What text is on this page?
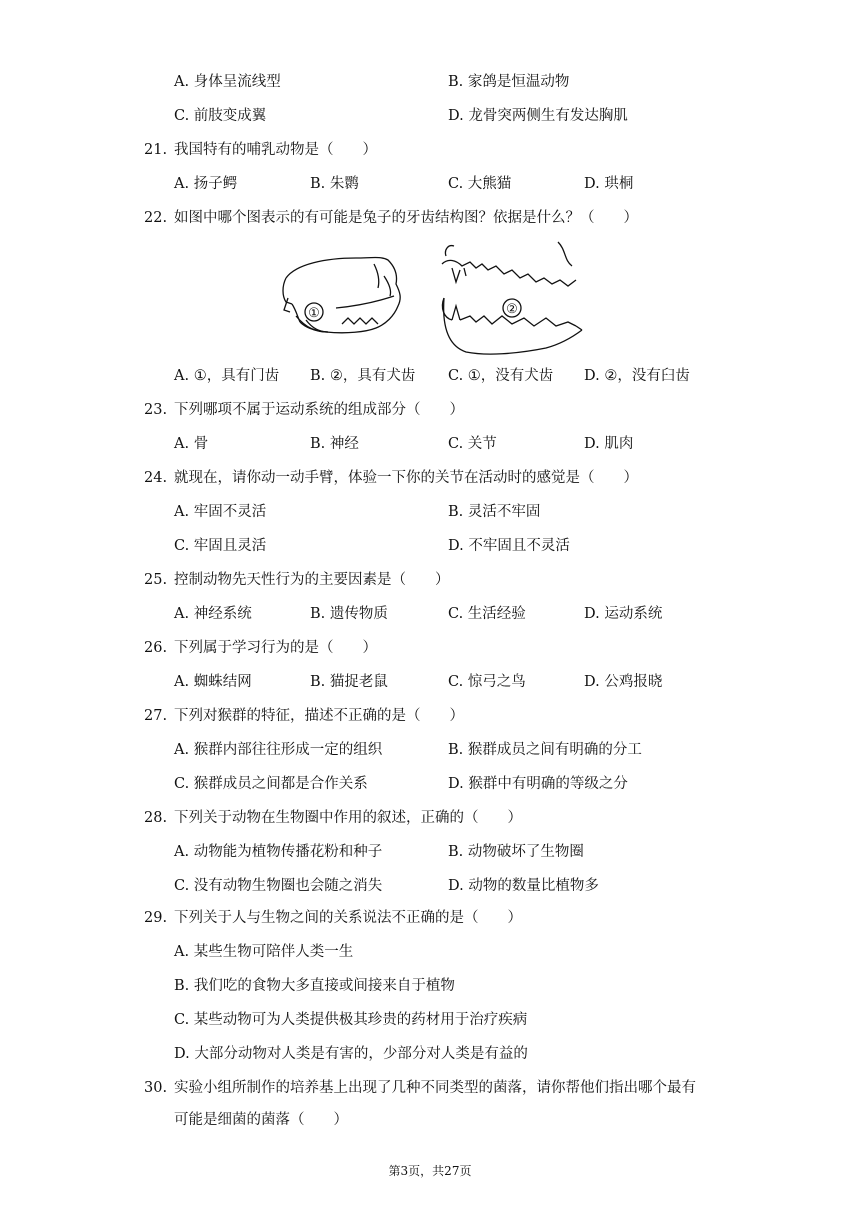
A. 身体呈流线型	B. 家鸽是恒温动物
C. 前肢变成翼	D. 龙骨突两侧生有发达胸肌
21. 我国特有的哺乳动物是（　　）
A. 扬子鳄	B. 朱鹮	C. 大熊猫	D. 珙桐
22. 如图中哪个图表示的有可能是兔子的牙齿结构图？依据是什么？（　　）
①	②
A. ①，具有门齿 B. ②，具有犬齿 C. ①，没有犬齿 D. ②，没有臼齿
23. 下列哪项不属于运动系统的组成部分（　　）
A. 骨	B. 神经	C. 关节	D. 肌肉
24. 就现在，请你动一动手臂，体验一下你的关节在活动时的感觉是（　　）
A. 牢固不灵活	B. 灵活不牢固
C. 牢固且灵活	D. 不牢固且不灵活
25. 控制动物先天性行为的主要因素是（　　）
A. 神经系统	B. 遗传物质	C. 生活经验	D. 运动系统
26. 下列属于学习行为的是（　　）
A. 蜘蛛结网	B. 猫捉老鼠	C. 惊弓之鸟	D. 公鸡报晓
27. 下列对猴群的特征，描述不正确的是（　　）
A. 猴群内部往往形成一定的组织	B. 猴群成员之间有明确的分工
C. 猴群成员之间都是合作关系	D. 猴群中有明确的等级之分
28. 下列关于动物在生物圈中作用的叙述，正确的（　　）
A. 动物能为植物传播花粉和种子	B. 动物破坏了生物圈
C. 没有动物生物圈也会随之消失	D. 动物的数量比植物多
29. 下列关于人与生物之间的关系说法不正确的是（　　）
A. 某些生物可陪伴人类一生
B. 我们吃的食物大多直接或间接来自于植物
C. 某些动物可为人类提供极其珍贵的药材用于治疗疾病
D. 大部分动物对人类是有害的，少部分对人类是有益的
30. 实验小组所制作的培养基上出现了几种不同类型的菌落，请你帮他们指出哪个最有
可能是细菌的菌落（　　）
第3页，共27页
